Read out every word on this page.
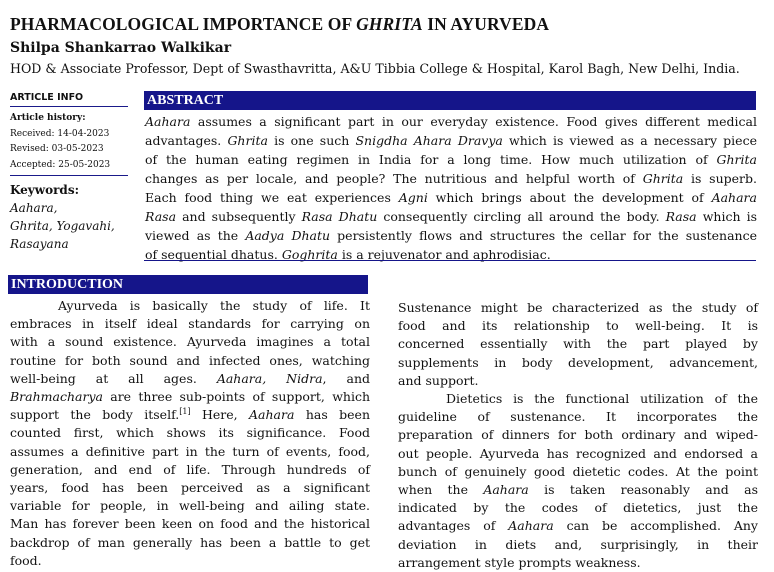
PHARMACOLOGICAL IMPORTANCE OF GHRITA IN AYURVEDA
Shilpa Shankarrao Walkikar
HOD & Associate Professor, Dept of Swasthavritta, A&U Tibbia College & Hospital, Karol Bagh, New Delhi, India.
ARTICLE INFO
Article history:
Received: 14-04-2023
Revised: 03-05-2023
Accepted: 25-05-2023
Keywords: Aahara,
Ghrita, Yogavahi,
Rasayana
ABSTRACT
Aahara assumes a significant part in our everyday existence. Food gives different medical
advantages. Ghrita is one such Snigdha Ahara Dravya which is viewed as a necessary piece
of the human eating regimen in India for a long time. How much utilization of Ghrita
changes as per locale, and people? The nutritious and helpful worth of Ghrita is superb.
Each food thing we eat experiences Agni which brings about the development of Aahara
Rasa and subsequently Rasa Dhatu consequently circling all around the body. Rasa which is
viewed as the Aadya Dhatu persistently flows and structures the cellar for the sustenance
of sequential dhatus. Goghrita is a rejuvenator and aphrodisiac.
INTRODUCTION
Ayurveda is basically the study of life. It
embraces in itself ideal standards for carrying on
with a sound existence. Ayurveda imagines a total
routine for both sound and infected ones, watching
well-being at all ages. Aahara, Nidra, and
Brahmacharya are three sub-points of support, which
support the body itself.[1] Here, Aahara has been
counted first, which shows its significance. Food
assumes a definitive part in the turn of events, food,
generation, and end of life. Through hundreds of
years, food has been perceived as a significant
variable for people, in well-being and ailing state.
Man has forever been keen on food and the historical
backdrop of man generally has been a battle to get
food.
Sustenance might be characterized as the study of
food and its relationship to well-being. It is
concerned essentially with the part played by
supplements in body development, advancement,
and support.
Dietetics is the functional utilization of the
guideline of sustenance. It incorporates the
preparation of dinners for both ordinary and wiped-
out people. Ayurveda has recognized and endorsed a
bunch of genuinely good dietetic codes. At the point
when the Aahara is taken reasonably and as
indicated by the codes of dietetics, just the
advantages of Aahara can be accomplished. Any
deviation in diets and, surprisingly, in their
arrangement style prompts weakness.
